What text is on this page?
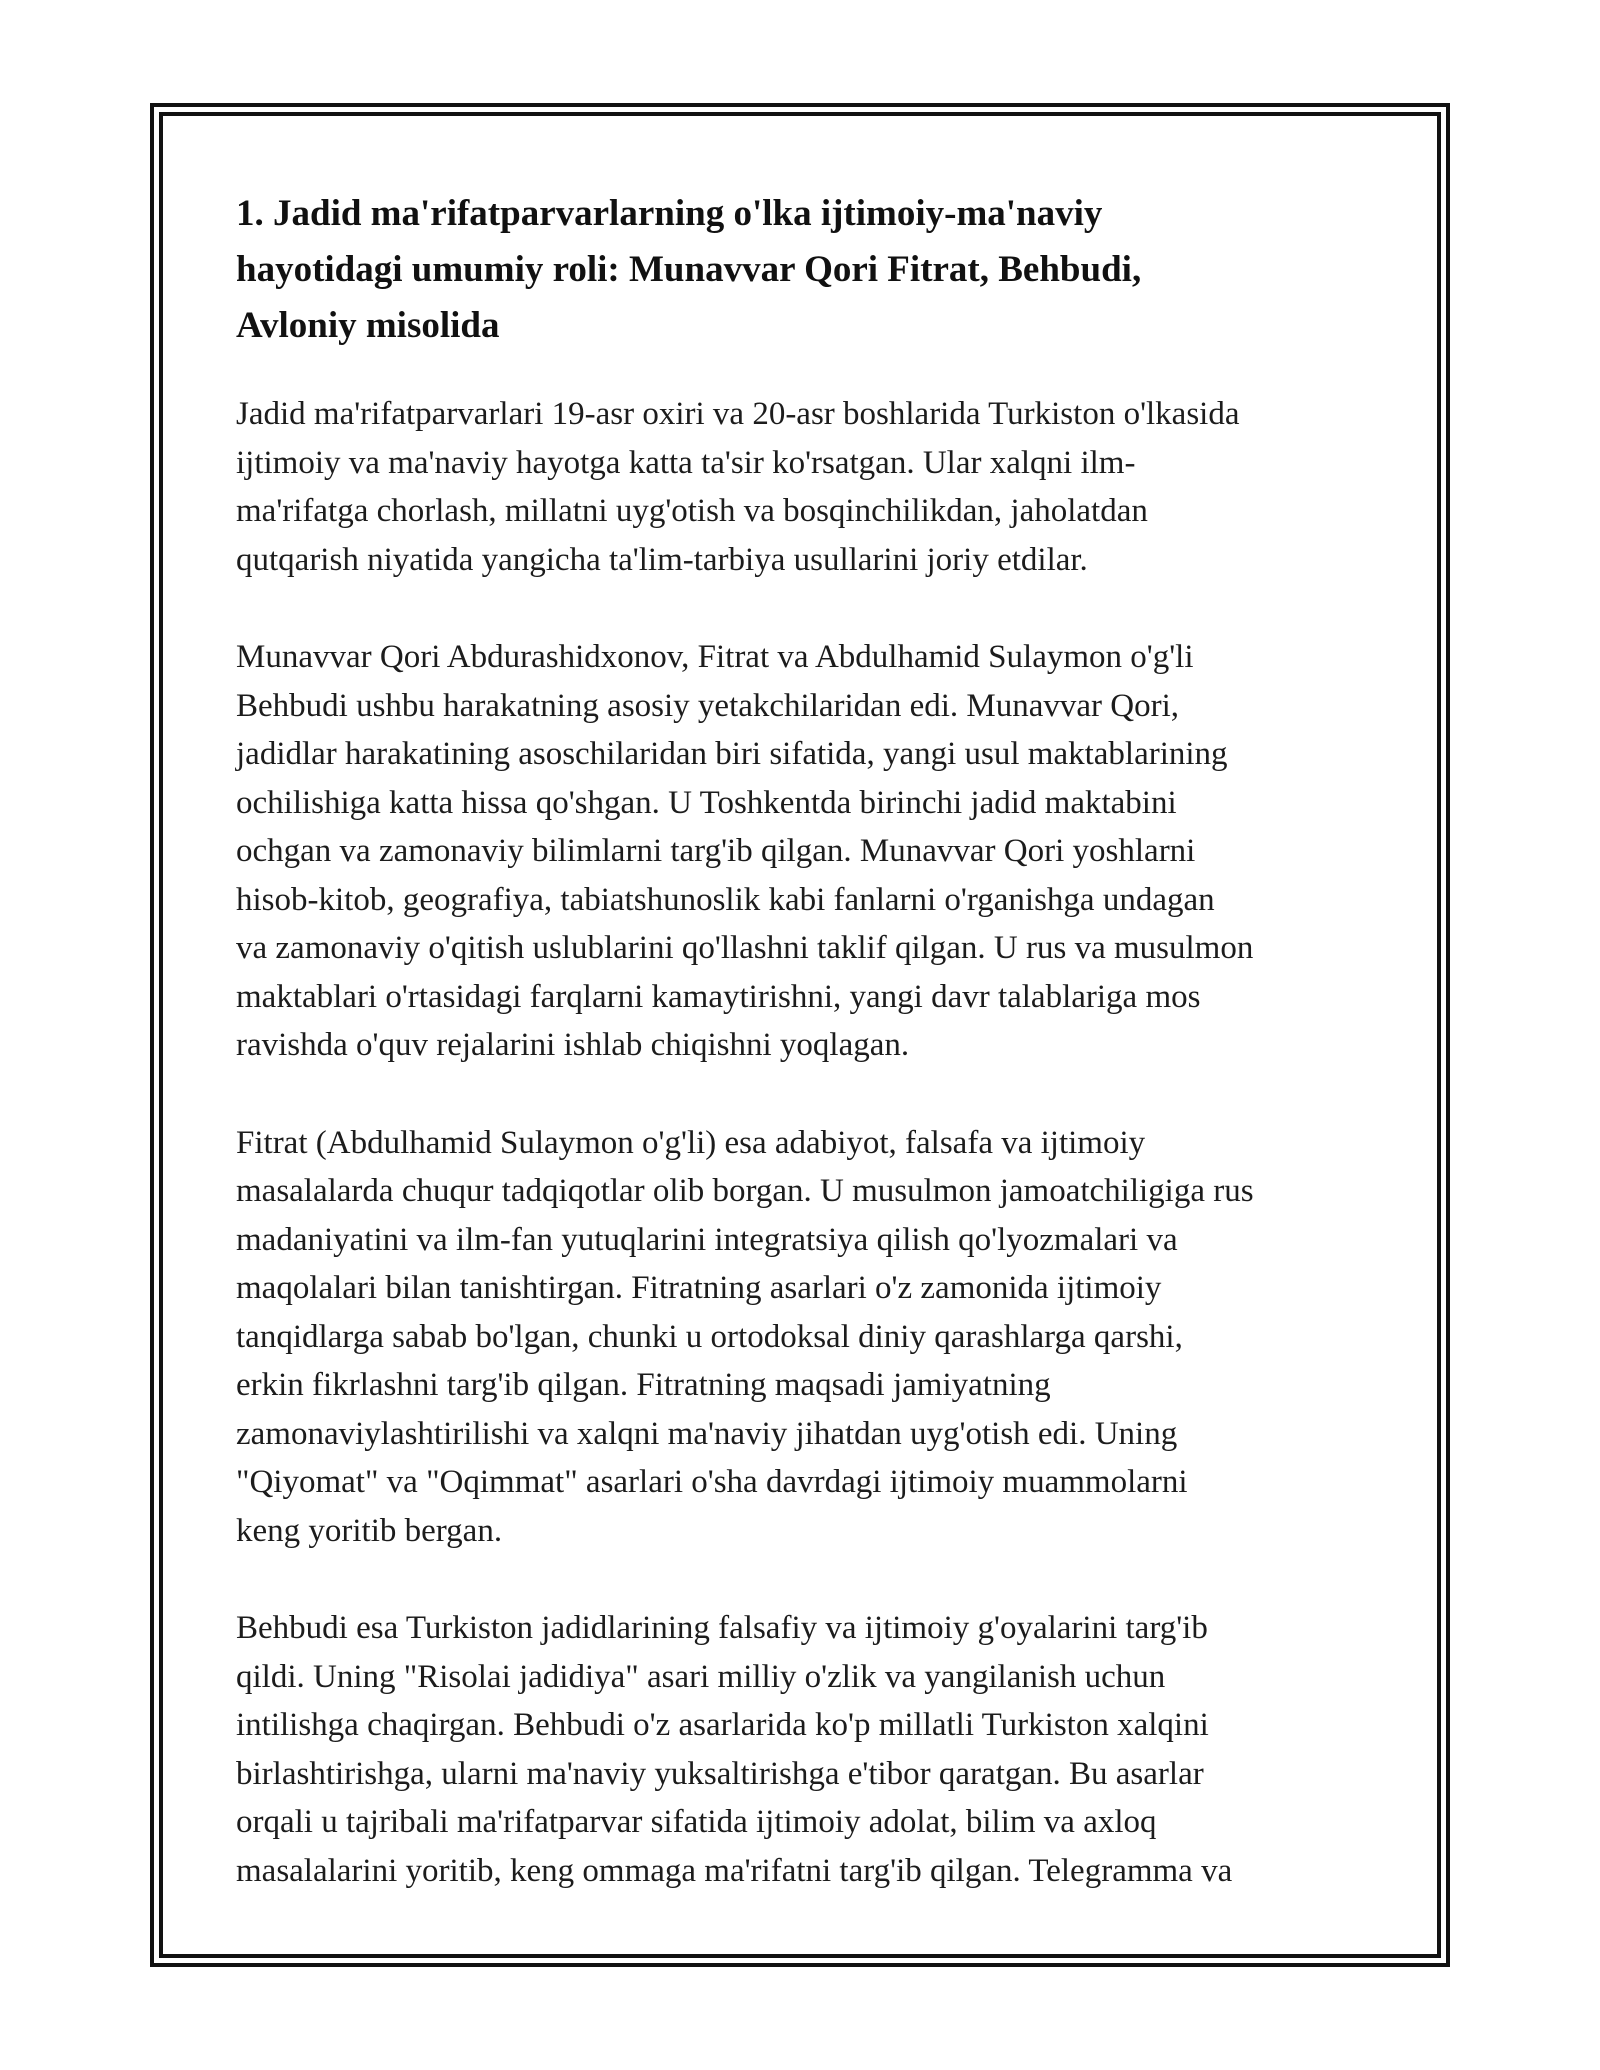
1. Jadid ma'rifatparvarlarning o'lka ijtimoiy-ma'naviy
hayotidagi umumiy roli: Munavvar Qori Fitrat, Behbudi,
Avloniy misolida

Jadid ma'rifatparvarlari 19-asr oxiri va 20-asr boshlarida Turkiston o'lkasida
ijtimoiy va ma'naviy hayotga katta ta'sir ko'rsatgan. Ular xalqni ilm-
ma'rifatga chorlash, millatni uyg'otish va bosqinchilikdan, jaholatdan
qutqarish niyatida yangicha ta'lim-tarbiya usullarini joriy etdilar.

Munavvar Qori Abdurashidxonov, Fitrat va Abdulhamid Sulaymon o'g'li
Behbudi ushbu harakatning asosiy yetakchilaridan edi. Munavvar Qori,
jadidlar harakatining asoschilaridan biri sifatida, yangi usul maktablarining
ochilishiga katta hissa qo'shgan. U Toshkentda birinchi jadid maktabini
ochgan va zamonaviy bilimlarni targ'ib qilgan. Munavvar Qori yoshlarni
hisob-kitob, geografiya, tabiatshunoslik kabi fanlarni o'rganishga undagan
va zamonaviy o'qitish uslublarini qo'llashni taklif qilgan. U rus va musulmon
maktablari o'rtasidagi farqlarni kamaytirishni, yangi davr talablariga mos
ravishda o'quv rejalarini ishlab chiqishni yoqlagan.

Fitrat (Abdulhamid Sulaymon o'g'li) esa adabiyot, falsafa va ijtimoiy
masalalarda chuqur tadqiqotlar olib borgan. U musulmon jamoatchiligiga rus
madaniyatini va ilm-fan yutuqlarini integratsiya qilish qo'lyozmalari va
maqolalari bilan tanishtirgan. Fitratning asarlari o'z zamonida ijtimoiy
tanqidlarga sabab bo'lgan, chunki u ortodoksal diniy qarashlarga qarshi,
erkin fikrlashni targ'ib qilgan. Fitratning maqsadi jamiyatning
zamonaviylashtirilishi va xalqni ma'naviy jihatdan uyg'otish edi. Uning
"Qiyomat" va "Oqimmat" asarlari o'sha davrdagi ijtimoiy muammolarni
keng yoritib bergan.

Behbudi esa Turkiston jadidlarining falsafiy va ijtimoiy g'oyalarini targ'ib
qildi. Uning "Risolai jadidiya" asari milliy o'zlik va yangilanish uchun
intilishga chaqirgan. Behbudi o'z asarlarida ko'p millatli Turkiston xalqini
birlashtirishga, ularni ma'naviy yuksaltirishga e'tibor qaratgan. Bu asarlar
orqali u tajribali ma'rifatparvar sifatida ijtimoiy adolat, bilim va axloq
masalalarini yoritib, keng ommaga ma'rifatni targ'ib qilgan. Telegramma va
